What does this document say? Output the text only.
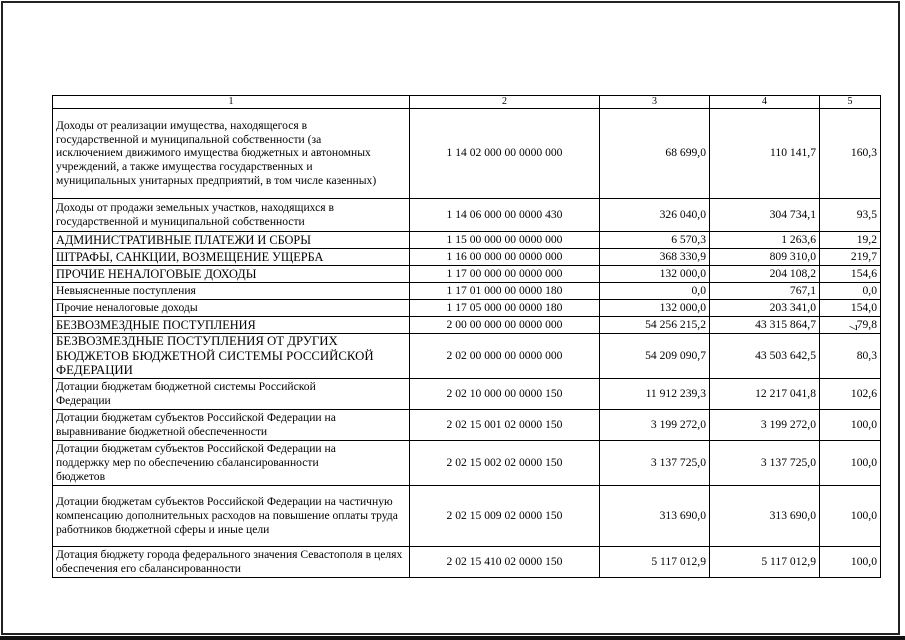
1	2	3	4	5
Доходы от реализации имущества, находящегося в государственной и муниципальной собственности (за исключением движимого имущества бюджетных и автономных учреждений, а также имущества государственных и муниципальных унитарных предприятий, в том числе казенных)	1 14 02 000 00 0000 000	68 699,0	110 141,7	160,3
Доходы от продажи земельных участков, находящихся в государственной и муниципальной собственности	1 14 06 000 00 0000 430	326 040,0	304 734,1	93,5
АДМИНИСТРАТИВНЫЕ ПЛАТЕЖИ И СБОРЫ	1 15 00 000 00 0000 000	6 570,3	1 263,6	19,2
ШТРАФЫ, САНКЦИИ, ВОЗМЕЩЕНИЕ УЩЕРБА	1 16 00 000 00 0000 000	368 330,9	809 310,0	219,7
ПРОЧИЕ НЕНАЛОГОВЫЕ ДОХОДЫ	1 17 00 000 00 0000 000	132 000,0	204 108,2	154,6
Невыясненные поступления	1 17 01 000 00 0000 180	0,0	767,1	0,0
Прочие неналоговые доходы	1 17 05 000 00 0000 180	132 000,0	203 341,0	154,0
БЕЗВОЗМЕЗДНЫЕ ПОСТУПЛЕНИЯ	2 00 00 000 00 0000 000	54 256 215,2	43 315 864,7	79,8
БЕЗВОЗМЕЗДНЫЕ ПОСТУПЛЕНИЯ ОТ ДРУГИХ БЮДЖЕТОВ БЮДЖЕТНОЙ СИСТЕМЫ РОССИЙСКОЙ ФЕДЕРАЦИИ	2 02 00 000 00 0000 000	54 209 090,7	43 503 642,5	80,3
Дотации бюджетам бюджетной системы Российской Федерации	2 02 10 000 00 0000 150	11 912 239,3	12 217 041,8	102,6
Дотации бюджетам субъектов Российской Федерации на выравнивание бюджетной обеспеченности	2 02 15 001 02 0000 150	3 199 272,0	3 199 272,0	100,0
Дотации бюджетам субъектов Российской Федерации на поддержку мер по обеспечению сбалансированности бюджетов	2 02 15 002 02 0000 150	3 137 725,0	3 137 725,0	100,0
Дотации бюджетам субъектов Российской Федерации на частичную компенсацию дополнительных расходов на повышение оплаты труда работников бюджетной сферы и иные цели	2 02 15 009 02 0000 150	313 690,0	313 690,0	100,0
Дотация бюджету города федерального значения Севастополя в целях обеспечения его сбалансированности	2 02 15 410 02 0000 150	5 117 012,9	5 117 012,9	100,0
7
